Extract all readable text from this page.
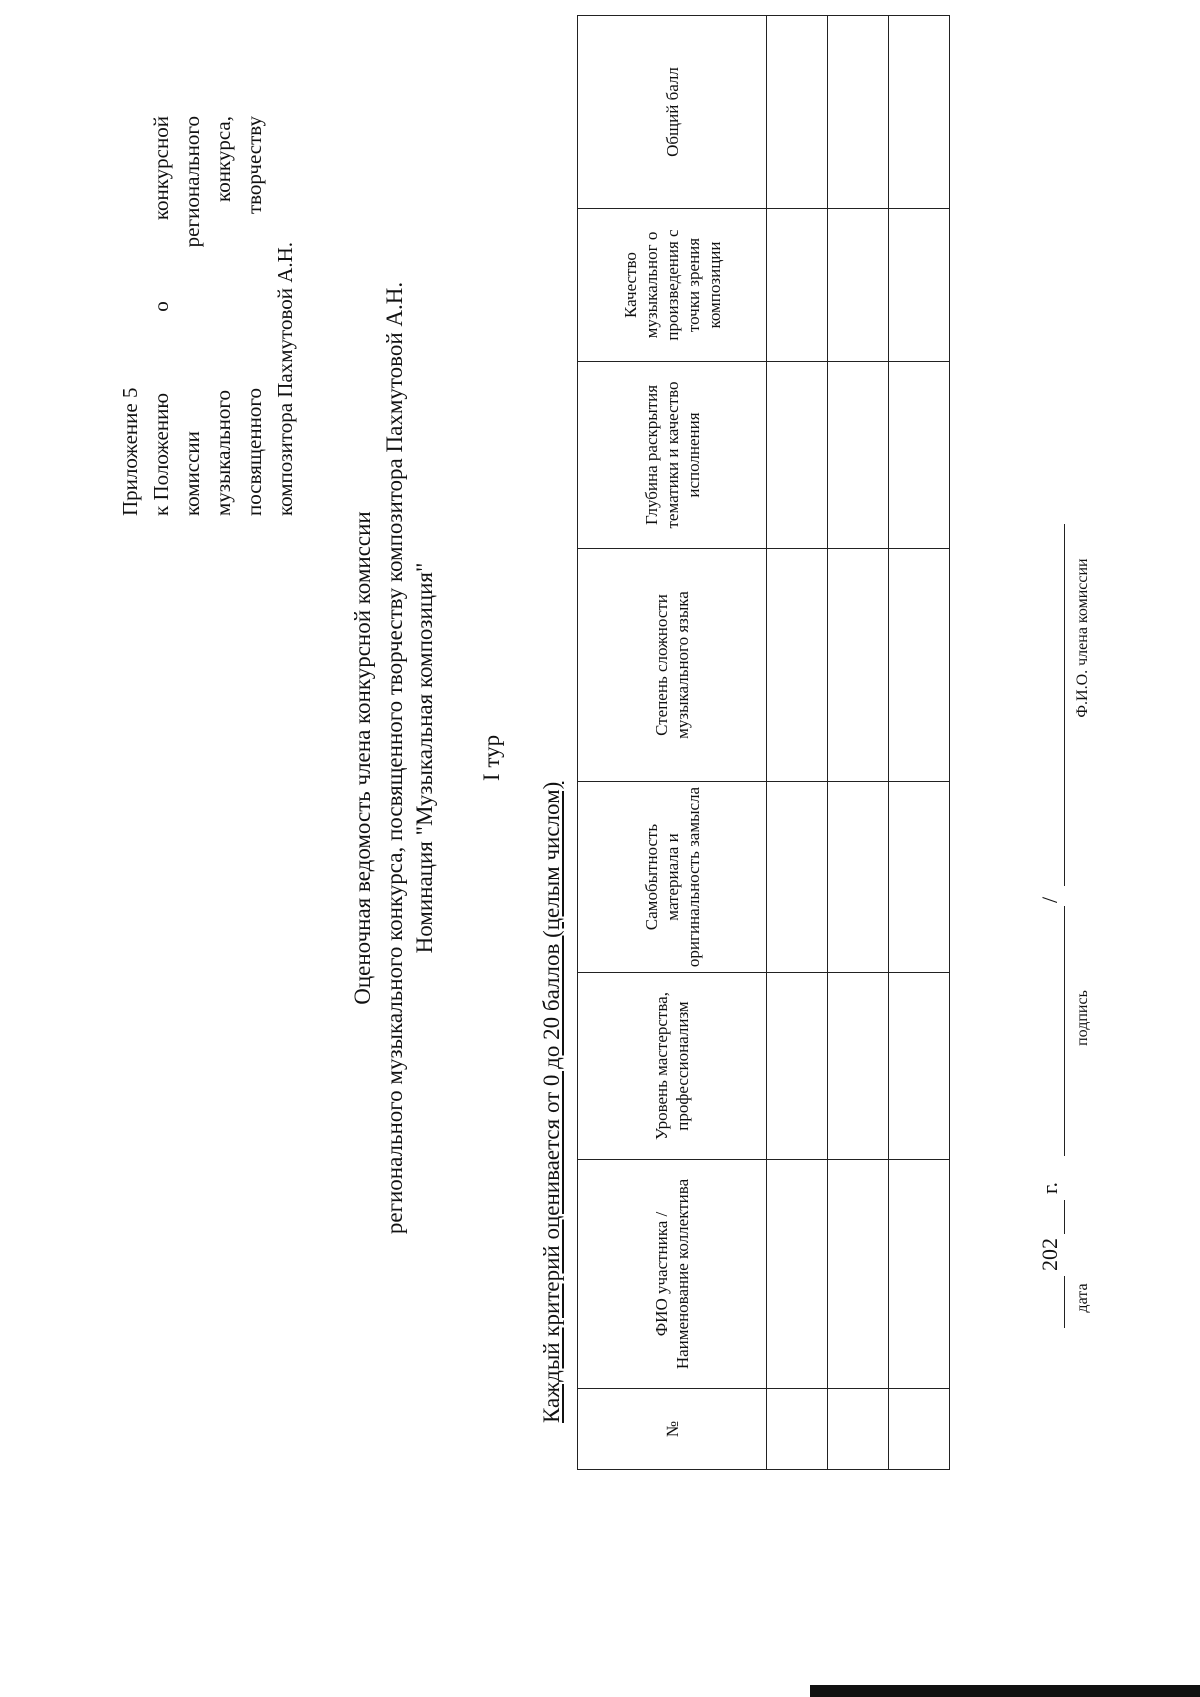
Приложение 5 к Положению
о
конкурсной
комиссии
регионального
музыкального
конкурса,
посвященного
творчеству
композитора Пахмутовой А.Н.
Оценочная ведомость члена конкурсной комиссии регионального музыкального конкурса, посвященного творчеству композитора Пахмутовой А.Н. Номинация "Музыкальная композиция" I тур
Каждый критерий оценивается от 0 до 20 баллов (целым числом)
№	ФИО участника / Наименование коллектива	Уровень мастерства, профессионализм	Самобытность материала и оригинальность замысла	Степень сложности музыкального языка	Глубина раскрытия тематики и качество исполнения	Качество музыкальног о произведения с точки зрения композиции	Общий балл

202
г.
/
дата
подпись
Ф.И.О. члена комиссии
